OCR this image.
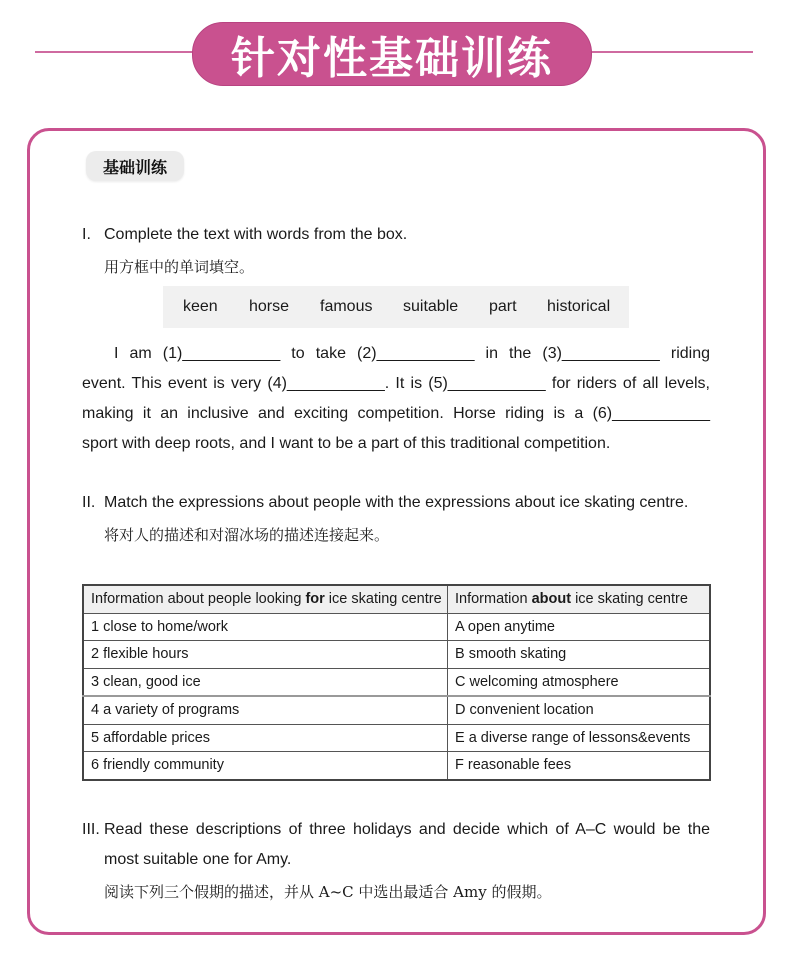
针对性基础训练
基础训练
I. Complete the text with words from the box.
用方框中的单词填空。
keen horse famous suitable part historical
I am (1)___________ to take (2)___________ in the (3)___________ riding
event. This event is very (4)___________. It is (5)___________ for riders of all levels,
making it an inclusive and exciting competition. Horse riding is a (6)___________
sport with deep roots, and I want to be a part of this traditional competition.
II. Match the expressions about people with the expressions about ice skating centre.
将对人的描述和对溜冰场的描述连接起来。
Information about people looking for ice skating centre	Information about ice skating centre
1 close to home/work	A open anytime
2 flexible hours	B smooth skating
3 clean, good ice	C welcoming atmosphere
4 a variety of programs	D convenient location
5 affordable prices	E a diverse range of lessons&events
6 friendly community	F reasonable fees
III. Read these descriptions of three holidays and decide which of A–C would be the
most suitable one for Amy.
阅读下列三个假期的描述，并从 A~C 中选出最适合 Amy 的假期。
